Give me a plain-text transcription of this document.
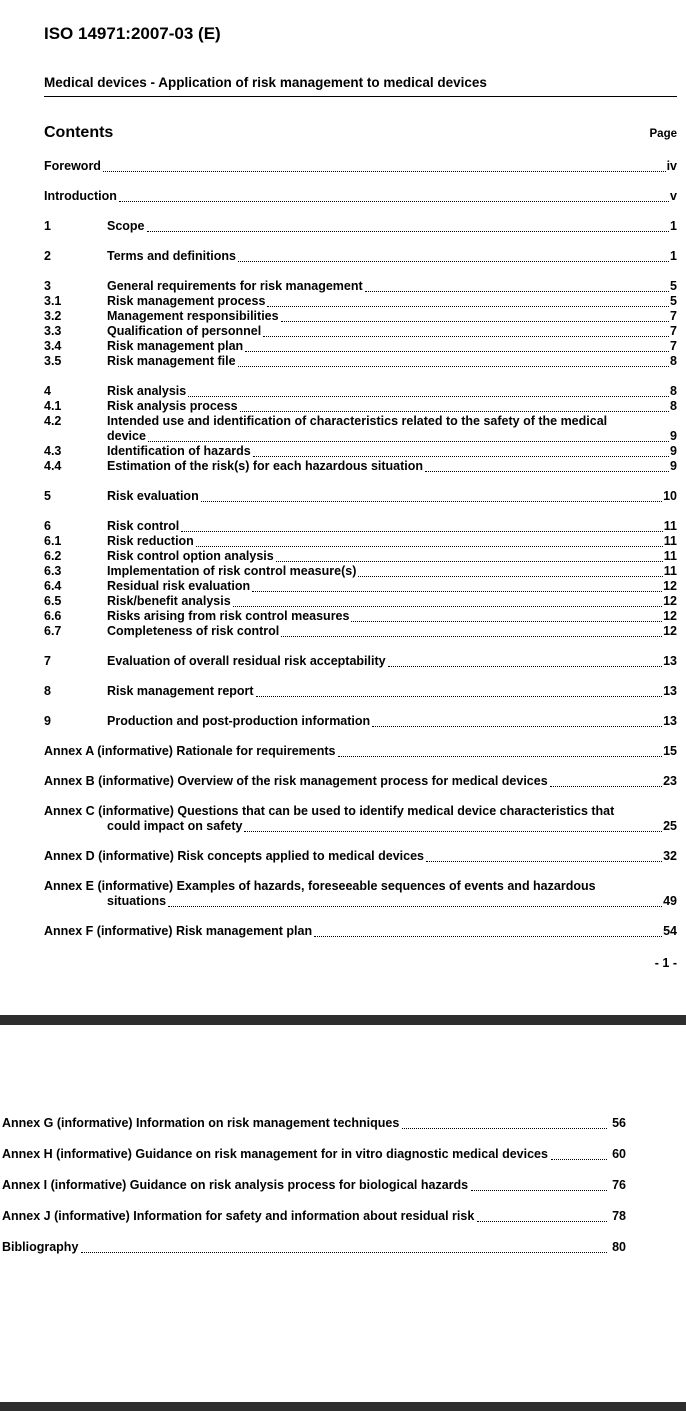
ISO 14971:2007-03 (E)
Medical devices - Application of risk management to medical devices
Contents	Page
Foreword	iv
Introduction	v
1	Scope	1
2	Terms and definitions	1
3	General requirements for risk management	5
3.1	Risk management process	5
3.2	Management responsibilities	7
3.3	Qualification of personnel	7
3.4	Risk management plan	7
3.5	Risk management file	8
4	Risk analysis	8
4.1	Risk analysis process	8
4.2	Intended use and identification of characteristics related to the safety of the medical
device	9
4.3	Identification of hazards	9
4.4	Estimation of the risk(s) for each hazardous situation	9
5	Risk evaluation	10
6	Risk control	11
6.1	Risk reduction	11
6.2	Risk control option analysis	11
6.3	Implementation of risk control measure(s)	11
6.4	Residual risk evaluation	12
6.5	Risk/benefit analysis	12
6.6	Risks arising from risk control measures	12
6.7	Completeness of risk control	12
7	Evaluation of overall residual risk acceptability	13
8	Risk management report	13
9	Production and post-production information	13
Annex A (informative) Rationale for requirements	15
Annex B (informative) Overview of the risk management process for medical devices	23
Annex C (informative) Questions that can be used to identify medical device characteristics that
could impact on safety	25
Annex D (informative) Risk concepts applied to medical devices	32
Annex E (informative) Examples of hazards, foreseeable sequences of events and hazardous
situations	49
Annex F (informative) Risk management plan	54
- 1 -
Annex G (informative) Information on risk management techniques	56
Annex H (informative) Guidance on risk management for in vitro diagnostic medical devices	60
Annex I (informative) Guidance on risk analysis process for biological hazards	76
Annex J (informative) Information for safety and information about residual risk	78
Bibliography	80
